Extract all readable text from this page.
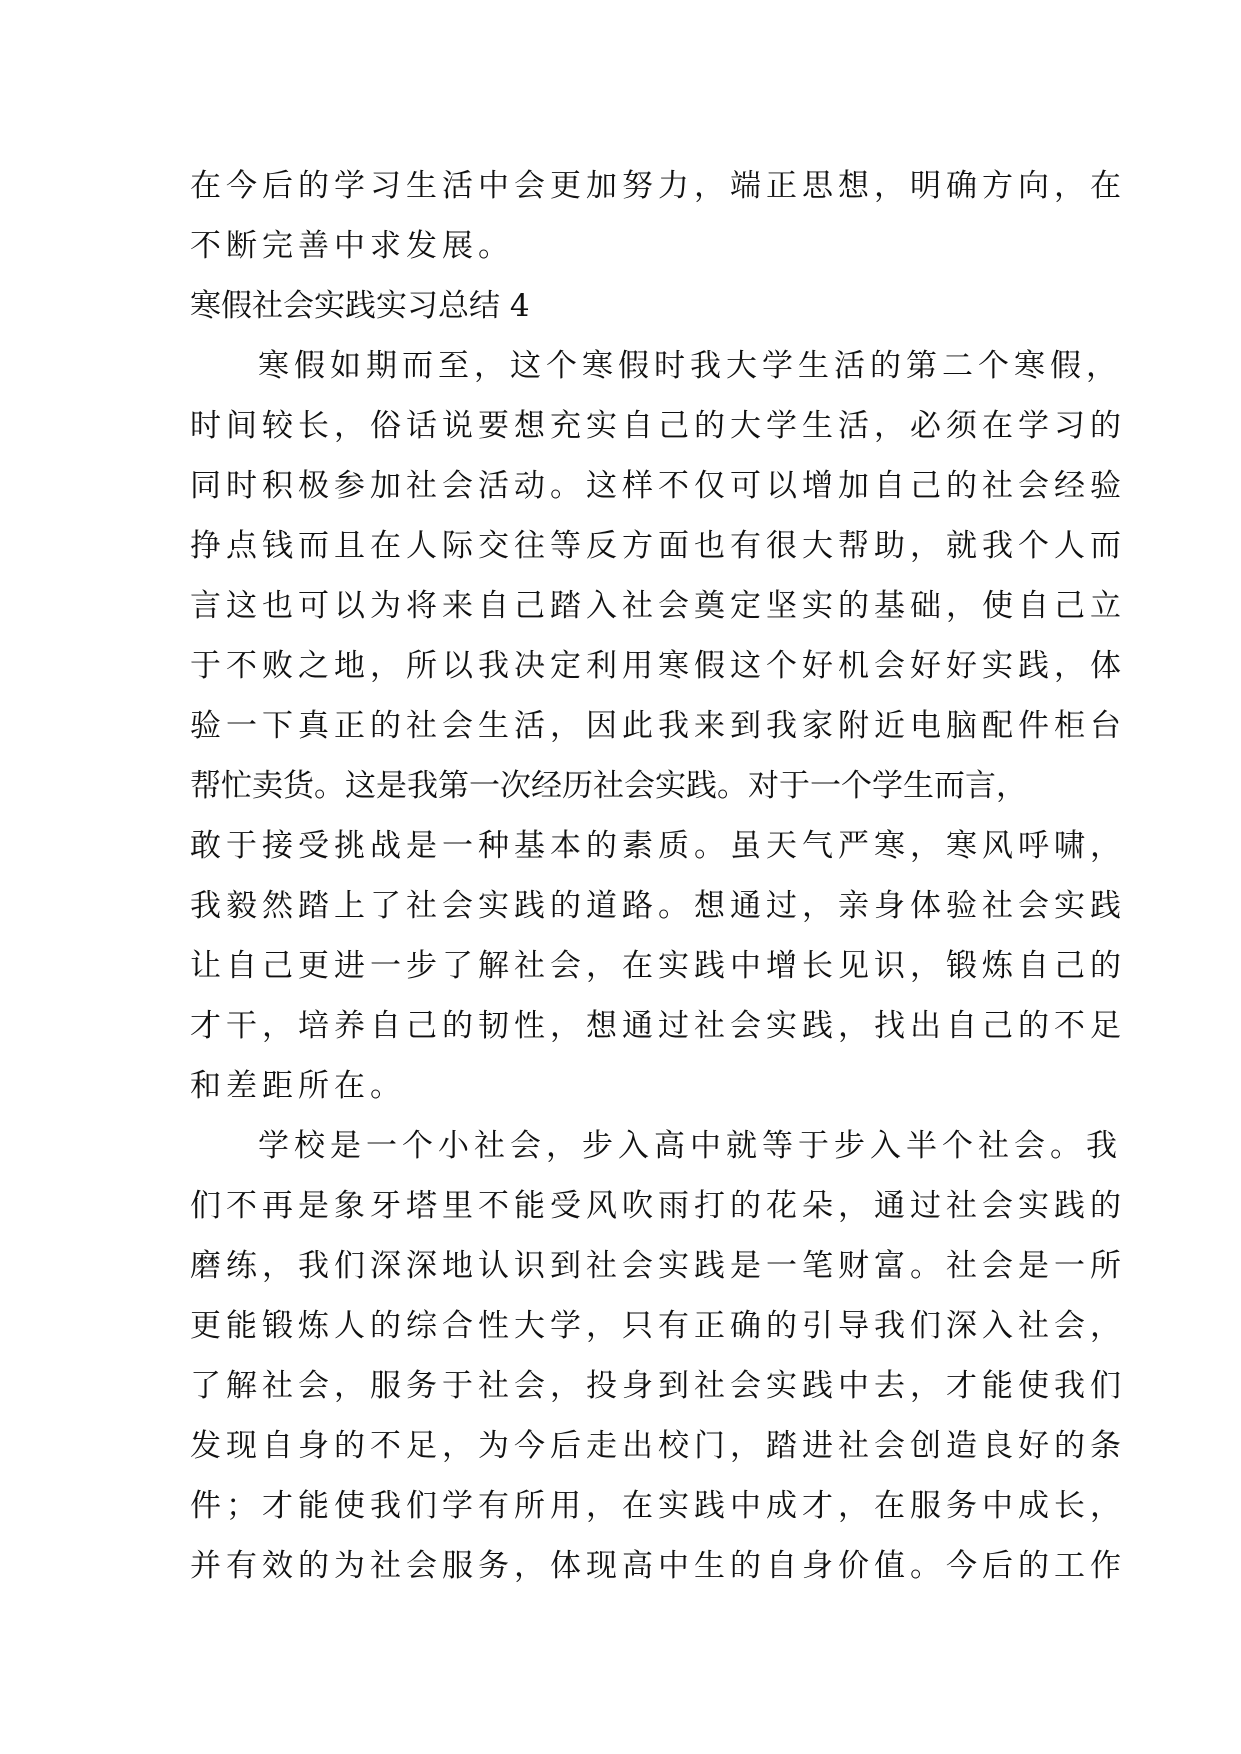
在今后的学习生活中会更加努力，端正思想，明确方向，在
不断完善中求发展。
寒假社会实践实习总结 4
寒假如期而至，这个寒假时我大学生活的第二个寒假，
时间较长，俗话说要想充实自己的大学生活，必须在学习的
同时积极参加社会活动。这样不仅可以增加自己的社会经验
挣点钱而且在人际交往等反方面也有很大帮助，就我个人而
言这也可以为将来自己踏入社会奠定坚实的基础，使自己立
于不败之地，所以我决定利用寒假这个好机会好好实践，体
验一下真正的社会生活，因此我来到我家附近电脑配件柜台
帮忙卖货。这是我第一次经历社会实践。对于一个学生而言，
敢于接受挑战是一种基本的素质。虽天气严寒，寒风呼啸，
我毅然踏上了社会实践的道路。想通过，亲身体验社会实践
让自己更进一步了解社会，在实践中增长见识，锻炼自己的
才干，培养自己的韧性，想通过社会实践，找出自己的不足
和差距所在。
学校是一个小社会，步入高中就等于步入半个社会。我
们不再是象牙塔里不能受风吹雨打的花朵，通过社会实践的
磨练，我们深深地认识到社会实践是一笔财富。社会是一所
更能锻炼人的综合性大学，只有正确的引导我们深入社会，
了解社会，服务于社会，投身到社会实践中去，才能使我们
发现自身的不足，为今后走出校门，踏进社会创造良好的条
件；才能使我们学有所用，在实践中成才，在服务中成长，
并有效的为社会服务，体现高中生的自身价值。今后的工作
